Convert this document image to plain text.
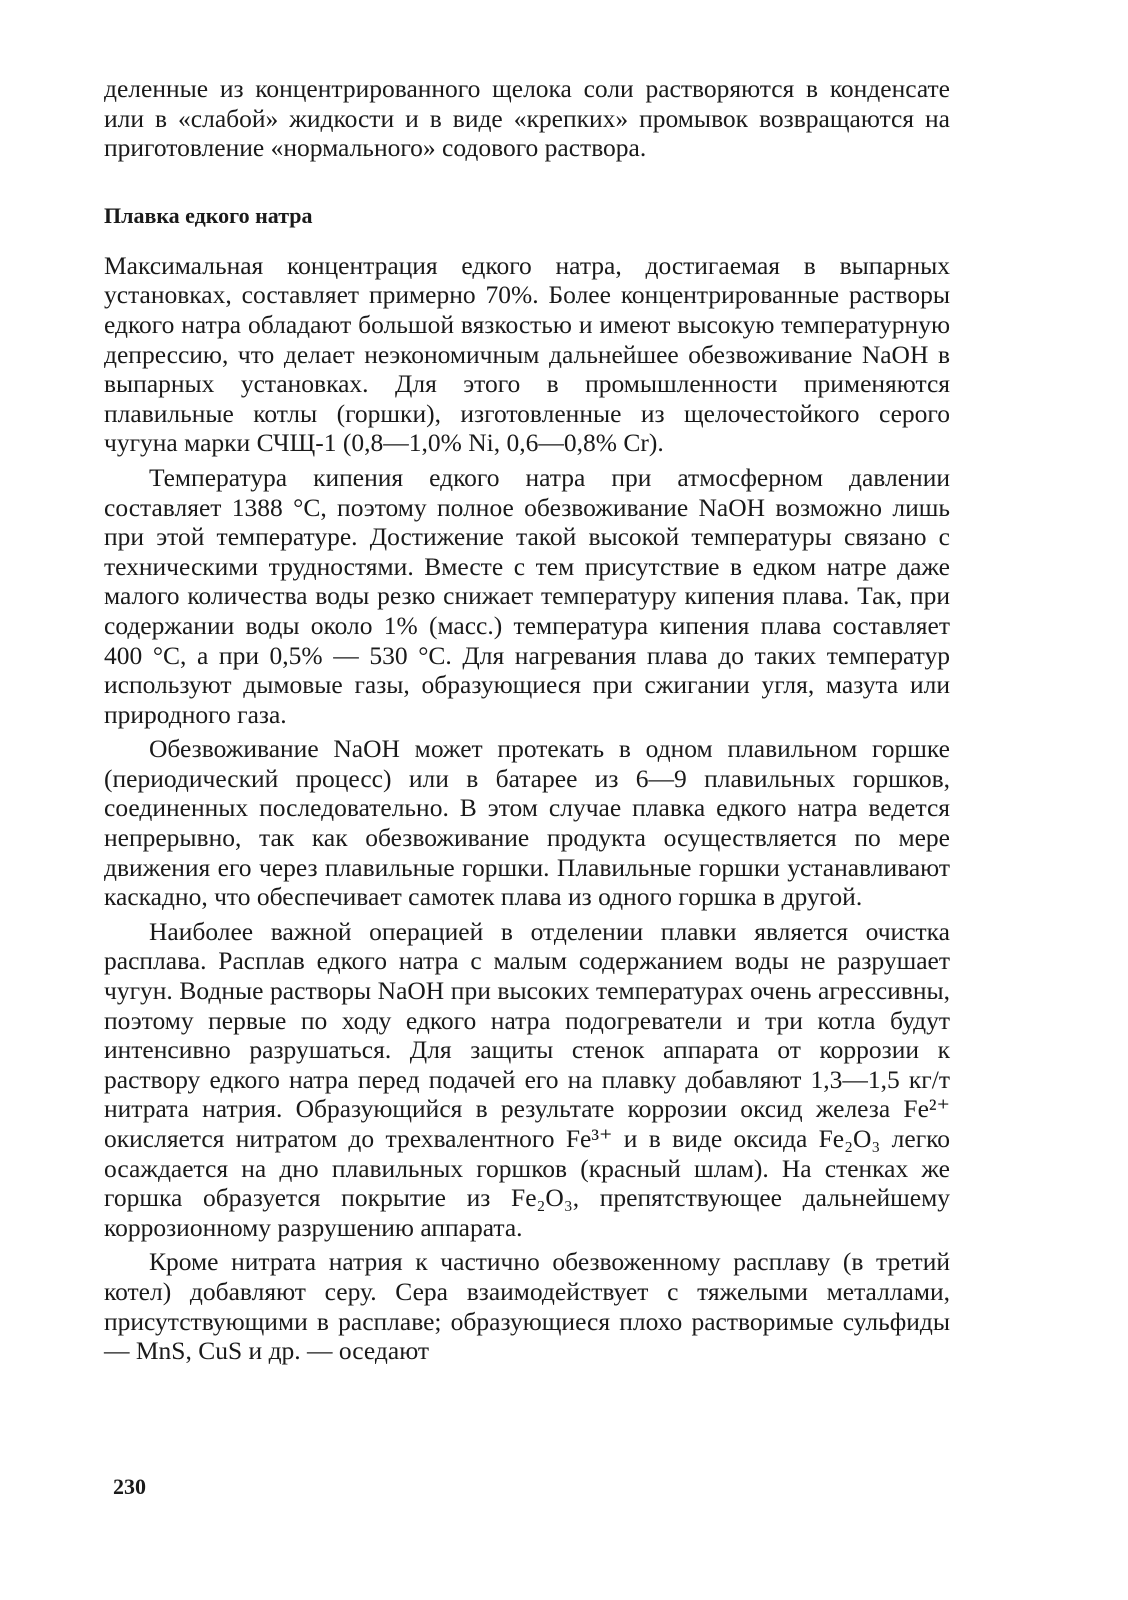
деленные из концентрированного щелока соли растворяются в конденсате или в «слабой» жидкости и в виде «крепких» промывок возвращаются на приготовление «нормального» содового раствора.

Плавка едкого натра

Максимальная концентрация едкого натра, достигаемая в выпарных установках, составляет примерно 70%. Более концентрированные растворы едкого натра обладают большой вязкостью и имеют высокую температурную депрессию, что делает неэкономичным дальнейшее обезвоживание NaOH в выпарных установках. Для этого в промышленности применяются плавильные котлы (горшки), изготовленные из щелочестойкого серого чугуна марки СЧЩ-1 (0,8—1,0% Ni, 0,6—0,8% Cr).

Температура кипения едкого натра при атмосферном давлении составляет 1388 °С, поэтому полное обезвоживание NaOH возможно лишь при этой температуре. Достижение такой высокой температуры связано с техническими трудностями. Вместе с тем присутствие в едком натре даже малого количества воды резко снижает температуру кипения плава. Так, при содержании воды около 1% (масс.) температура кипения плава составляет 400 °С, а при 0,5% — 530 °С. Для нагревания плава до таких температур используют дымовые газы, образующиеся при сжигании угля, мазута или природного газа.

Обезвоживание NaOH может протекать в одном плавильном горшке (периодический процесс) или в батарее из 6—9 плавильных горшков, соединенных последовательно. В этом случае плавка едкого натра ведется непрерывно, так как обезвоживание продукта осуществляется по мере движения его через плавильные горшки. Плавильные горшки устанавливают каскадно, что обеспечивает самотек плава из одного горшка в другой.

Наиболее важной операцией в отделении плавки является очистка расплава. Расплав едкого натра с малым содержанием воды не разрушает чугун. Водные растворы NaOH при высоких температурах очень агрессивны, поэтому первые по ходу едкого натра подогреватели и три котла будут интенсивно разрушаться. Для защиты стенок аппарата от коррозии к раствору едкого натра перед подачей его на плавку добавляют 1,3—1,5 кг/т нитрата натрия. Образующийся в результате коррозии оксид железа Fe²⁺ окисляется нитратом до трехвалентного Fe³⁺ и в виде оксида Fe₂O₃ легко осаждается на дно плавильных горшков (красный шлам). На стенках же горшка образуется покрытие из Fe₂O₃, препятствующее дальнейшему коррозионному разрушению аппарата.

Кроме нитрата натрия к частично обезвоженному расплаву (в третий котел) добавляют серу. Сера взаимодействует с тяжелыми металлами, присутствующими в расплаве; образующиеся плохо растворимые сульфиды — MnS, CuS и др. — оседают

230
